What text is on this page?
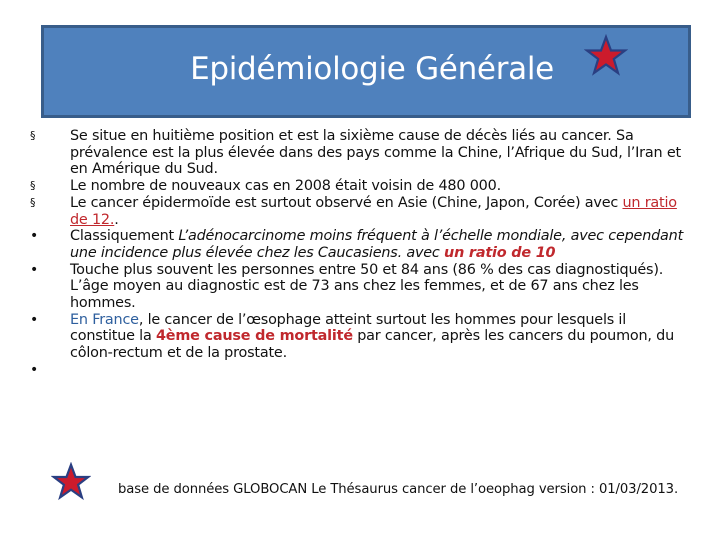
Epidémiologie Générale
§ Se situe en huitième position et est la sixième cause de décès liés au cancer. Sa prévalence est la plus élevée dans des pays comme la Chine, l’Afrique du Sud, l’Iran et en Amérique du Sud.
§ Le nombre de nouveaux cas en 2008 était voisin de 480 000.
§ Le cancer épidermoïde est surtout observé en Asie (Chine, Japon, Corée) avec un ratio de 12..
• Classiquement L’adénocarcinome moins fréquent à l’échelle mondiale, avec cependant une incidence plus élevée chez les Caucasiens. avec un ratio de 10
• Touche plus souvent les personnes entre 50 et 84 ans (86 % des cas diagnostiqués). L’âge moyen au diagnostic est de 73 ans chez les femmes, et de 67 ans chez les hommes.
• En France, le cancer de l’œsophage atteint surtout les hommes pour lesquels il constitue la 4ème cause de mortalité par cancer, après les cancers du poumon, du côlon-rectum et de la prostate.
•
base de données GLOBOCAN Le Thésaurus cancer de l’oeophag version : 01/03/2013.
